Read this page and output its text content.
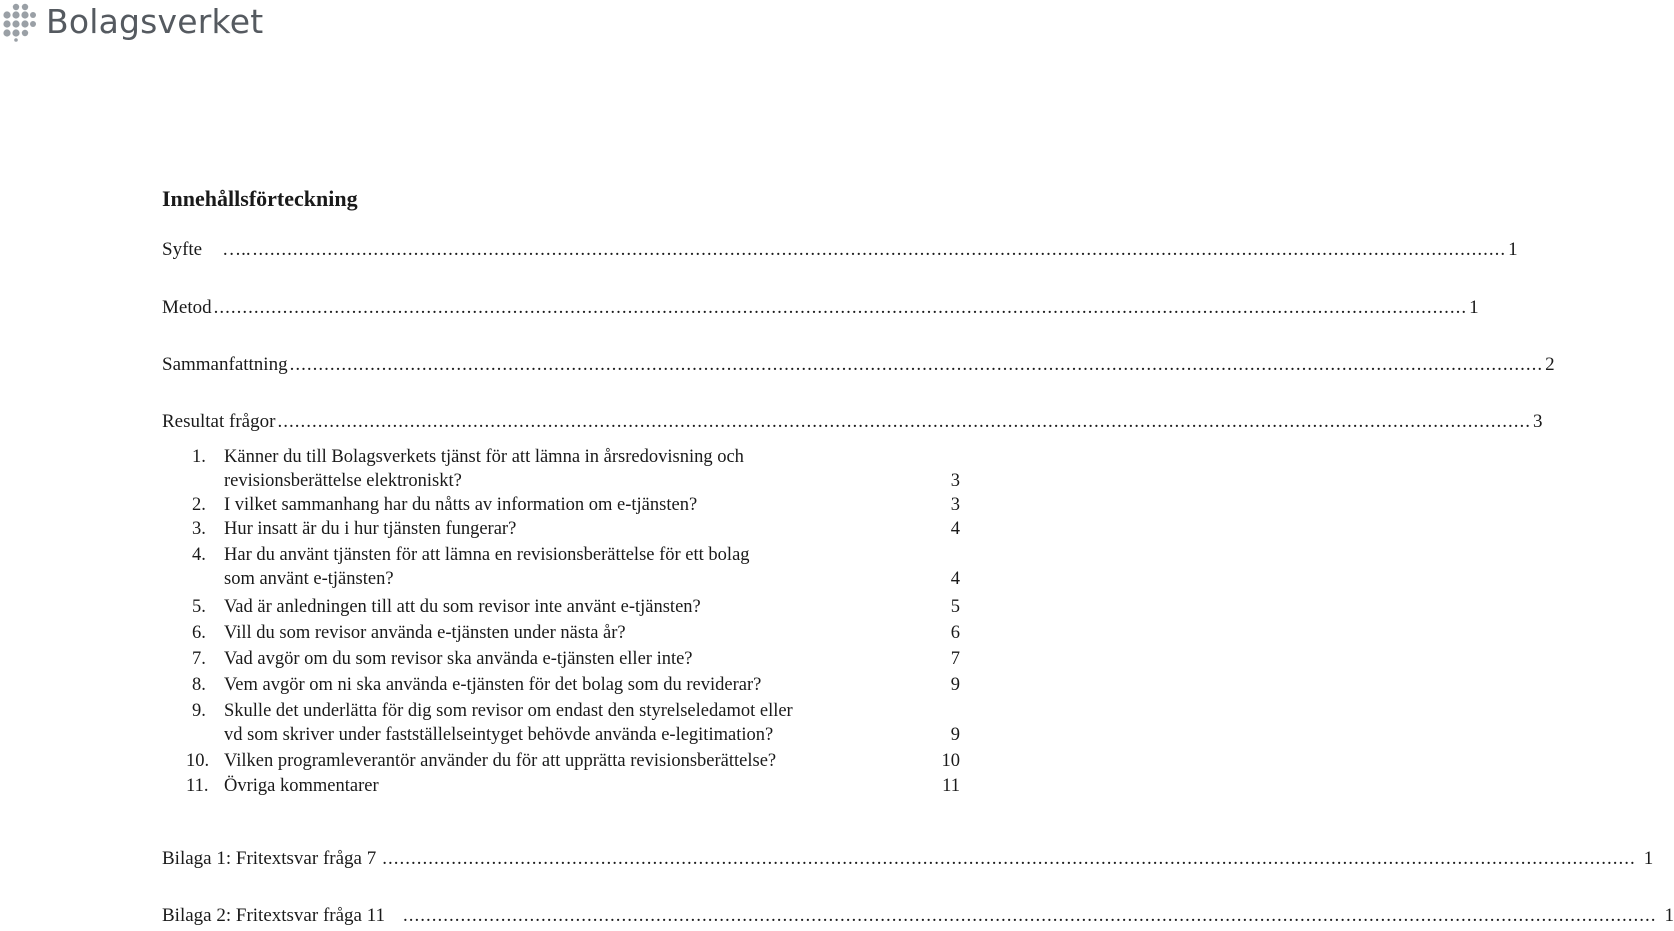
Bolagsverket
Innehållsförteckning
Syfte ….. .......................................................................................................................................................................................................................... 1
Metod .......................................................................................................................................................................................................................... 1
Sammanfattning .......................................................................................................................................................................................................................... 2
Resultat frågor .......................................................................................................................................................................................................................... 3
1. Känner du till Bolagsverkets tjänst för att lämna in årsredovisning och
revisionsberättelse elektroniskt?	3
2. I vilket sammanhang har du nåtts av information om e-tjänsten?	3
3. Hur insatt är du i hur tjänsten fungerar?	4
4. Har du använt tjänsten för att lämna en revisionsberättelse för ett bolag
som använt e-tjänsten?	4
5. Vad är anledningen till att du som revisor inte använt e-tjänsten?	5
6. Vill du som revisor använda e-tjänsten under nästa år?	6
7. Vad avgör om du som revisor ska använda e-tjänsten eller inte?	7
8. Vem avgör om ni ska använda e-tjänsten för det bolag som du reviderar?	9
9. Skulle det underlätta för dig som revisor om endast den styrelseledamot eller
vd som skriver under fastställelseintyget behövde använda e-legitimation?	9
10. Vilken programleverantör använder du för att upprätta revisionsberättelse?	10
11. Övriga kommentarer	11
Bilaga 1: Fritextsvar fråga 7 .......................................................................................................................................................................................................................... 1
Bilaga 2: Fritextsvar fråga 11 .......................................................................................................................................................................................................................... 1
